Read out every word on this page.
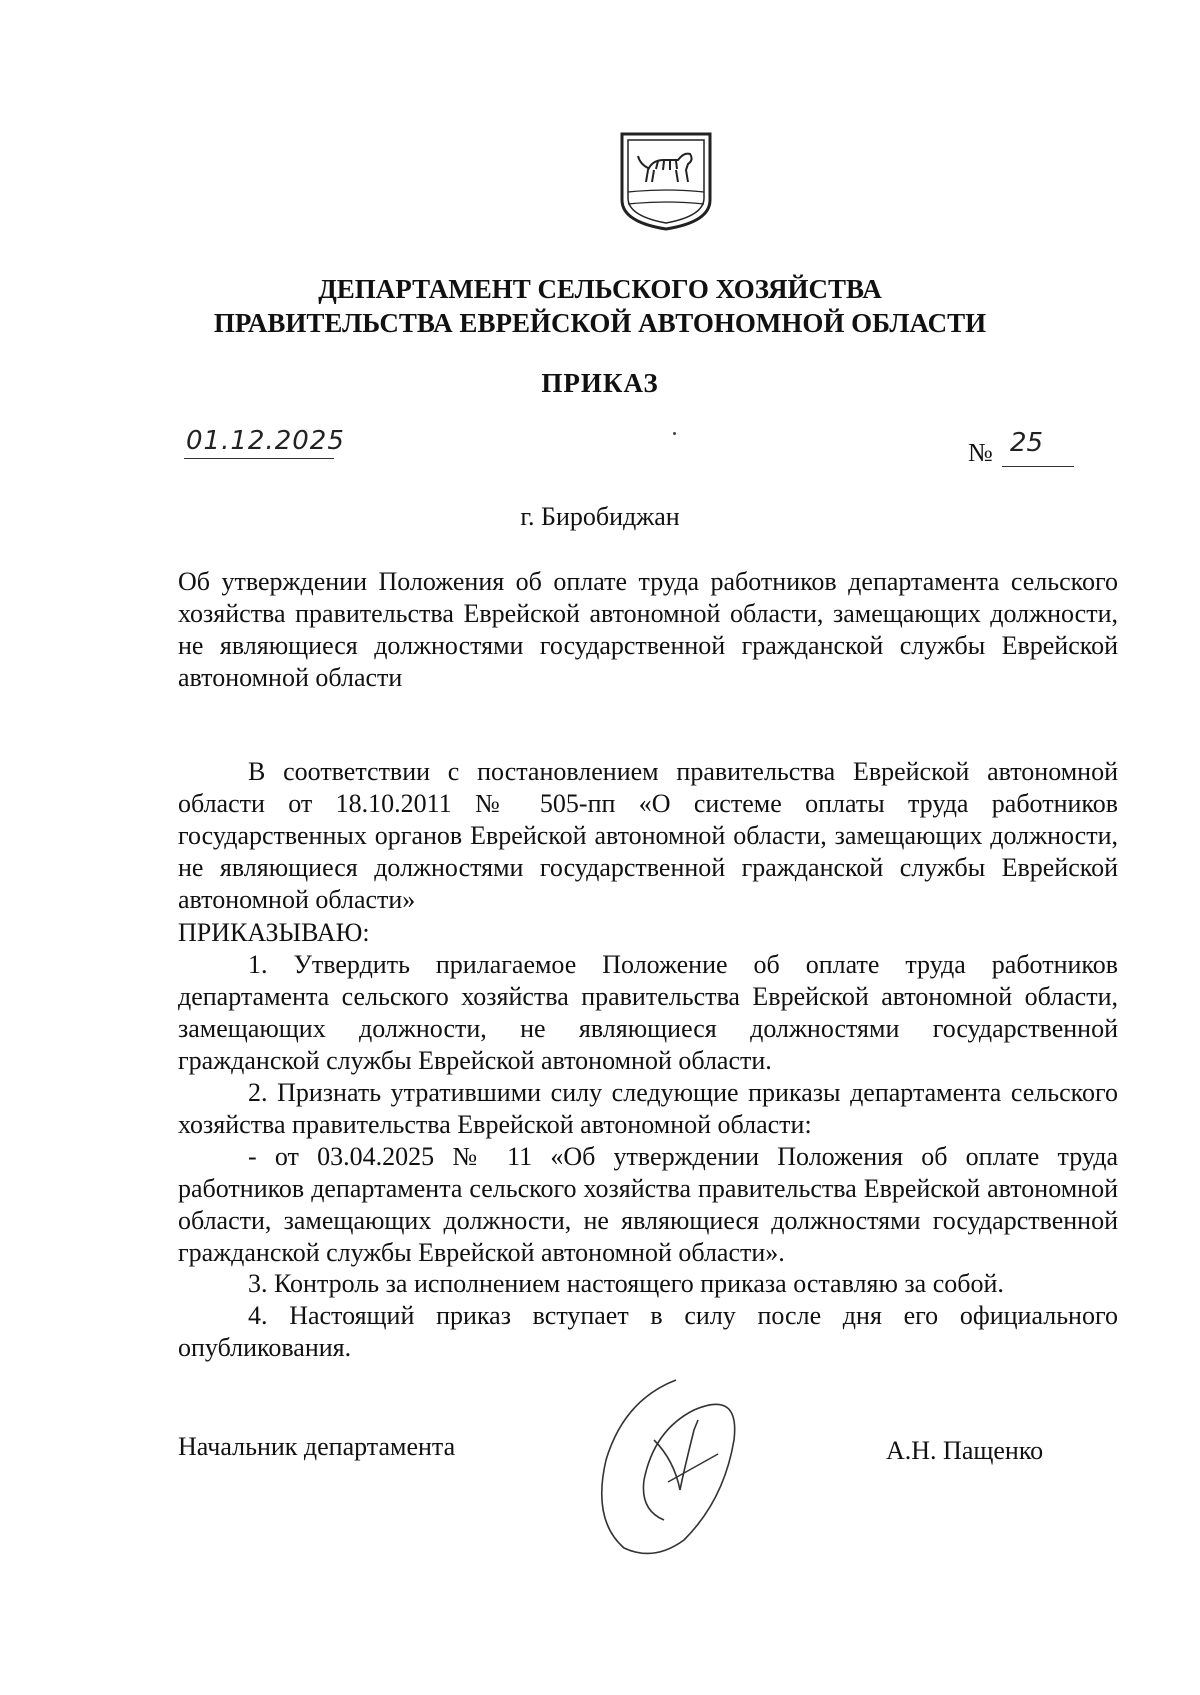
ДЕПАРТАМЕНТ СЕЛЬСКОГО ХОЗЯЙСТВА
ПРАВИТЕЛЬСТВА ЕВРЕЙСКОЙ АВТОНОМНОЙ ОБЛАСТИ
ПРИКАЗ
01.12.2025	№ 25
г. Биробиджан
Об утверждении Положения об оплате труда работников департамента сельского хозяйства правительства Еврейской автономной области, замещающих должности, не являющиеся должностями государственной гражданской службы Еврейской автономной области
В соответствии с постановлением правительства Еврейской автономной области от 18.10.2011 № 505-пп «О системе оплаты труда работников государственных органов Еврейской автономной области, замещающих должности, не являющиеся должностями государственной гражданской службы Еврейской автономной области»
ПРИКАЗЫВАЮ:
1. Утвердить прилагаемое Положение об оплате труда работников департамента сельского хозяйства правительства Еврейской автономной области, замещающих должности, не являющиеся должностями государственной гражданской службы Еврейской автономной области.
2. Признать утратившими силу следующие приказы департамента сельского хозяйства правительства Еврейской автономной области:
- от 03.04.2025 № 11 «Об утверждении Положения об оплате труда работников департамента сельского хозяйства правительства Еврейской автономной области, замещающих должности, не являющиеся должностями государственной гражданской службы Еврейской автономной области».
3. Контроль за исполнением настоящего приказа оставляю за собой.
4. Настоящий приказ вступает в силу после дня его официального опубликования.
Начальник департамента	А.Н. Пащенко
